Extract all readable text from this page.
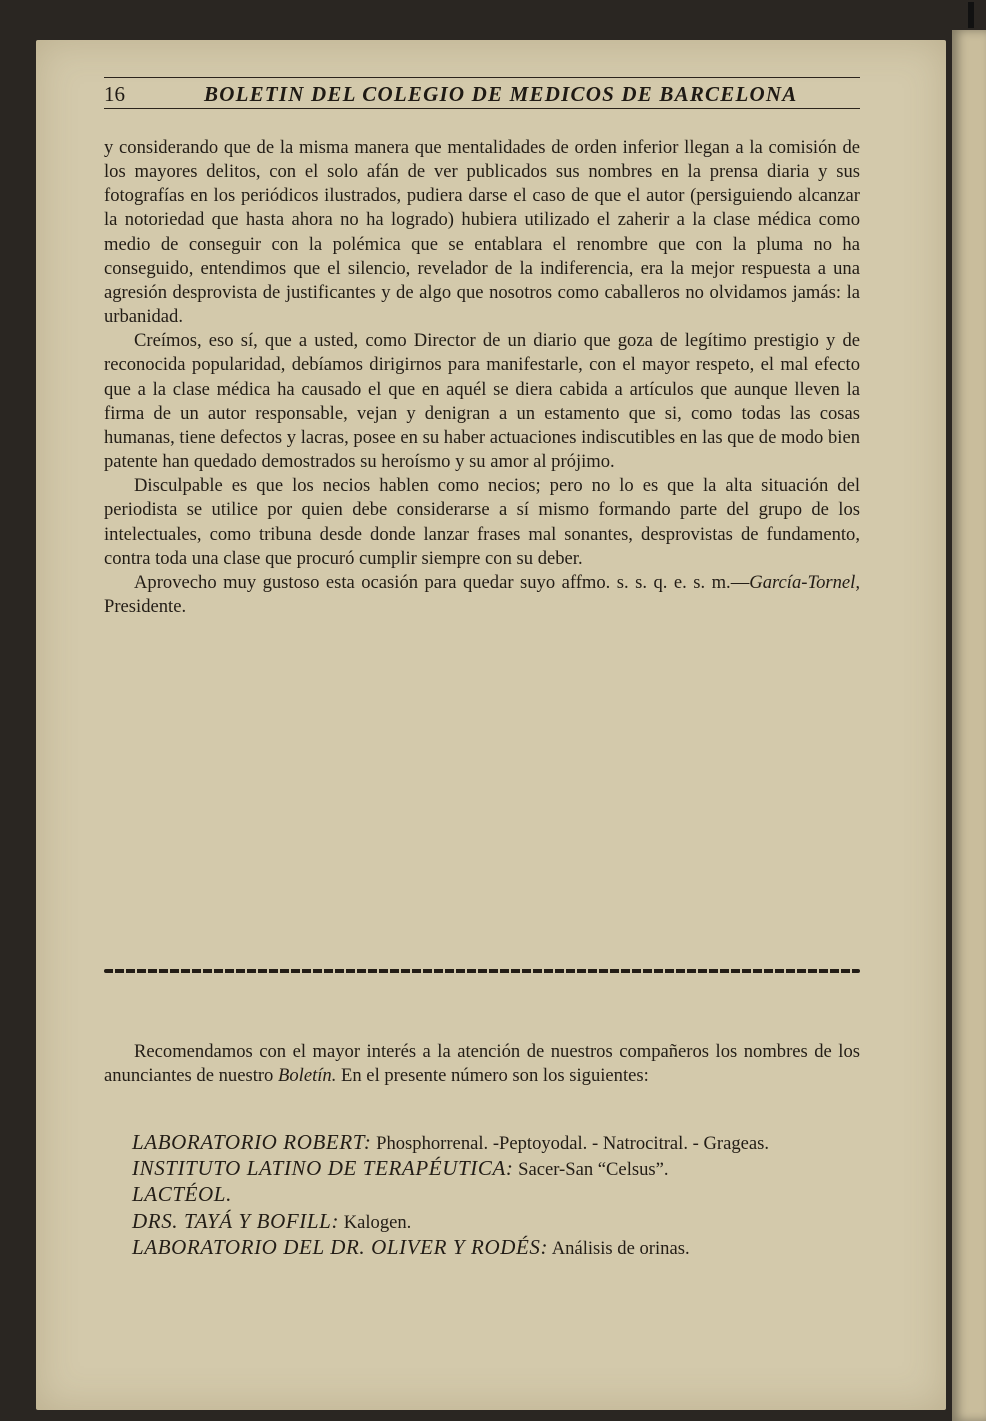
16	BOLETIN DEL COLEGIO DE MEDICOS DE BARCELONA

y considerando que de la misma manera que mentalidades de orden inferior llegan a la comisión de los mayores delitos, con el solo afán de ver publicados sus nombres en la prensa diaria y sus fotografías en los periódicos ilustrados, pudiera darse el caso de que el autor (persiguiendo alcanzar la notoriedad que hasta ahora no ha logrado) hubiera utilizado el zaherir a la clase médica como medio de conseguir con la polémica que se entablara el renombre que con la pluma no ha conseguido, entendimos que el silencio, revelador de la indiferencia, era la mejor respuesta a una agresión desprovista de justificantes y de algo que nosotros como caballeros no olvidamos jamás: la urbanidad.

Creímos, eso sí, que a usted, como Director de un diario que goza de legítimo prestigio y de reconocida popularidad, debíamos dirigirnos para manifestarle, con el mayor respeto, el mal efecto que a la clase médica ha causado el que en aquél se diera cabida a artículos que aunque lleven la firma de un autor responsable, vejan y denigran a un estamento que si, como todas las cosas humanas, tiene defectos y lacras, posee en su haber actuaciones indiscutibles en las que de modo bien patente han quedado demostrados su heroísmo y su amor al prójimo.

Disculpable es que los necios hablen como necios; pero no lo es que la alta situación del periodista se utilice por quien debe considerarse a sí mismo formando parte del grupo de los intelectuales, como tribuna desde donde lanzar frases mal sonantes, desprovistas de fundamento, contra toda una clase que procuró cumplir siempre con su deber.

Aprovecho muy gustoso esta ocasión para quedar suyo affmo. s. s. q. e. s. m.—García-Tornel, Presidente.

Recomendamos con el mayor interés a la atención de nuestros compañeros los nombres de los anunciantes de nuestro Boletín. En el presente número son los siguientes:

LABORATORIO ROBERT: Phosphorrenal. -Peptoyodal. - Natrocitral. - Grageas.

INSTITUTO LATINO DE TERAPÉUTICA: Sacer-San “Celsus”.

LACTÉOL.

DRS. TAYÁ Y BOFILL: Kalogen.

LABORATORIO DEL DR. OLIVER Y RODÉS: Análisis de orinas.
